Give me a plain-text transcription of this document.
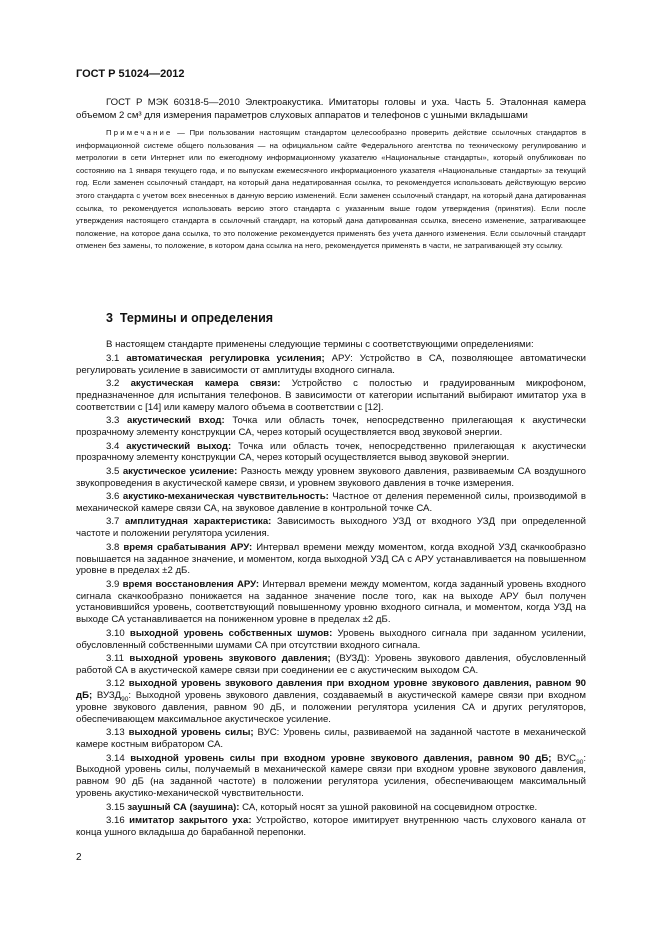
ГОСТ Р 51024—2012
ГОСТ Р МЭК 60318-5—2010 Электроакустика. Имитаторы головы и уха. Часть 5. Эталонная камера объемом 2 см³ для измерения параметров слуховых аппаратов и телефонов с ушными вкладышами
Примечание — При пользовании настоящим стандартом целесообразно проверить действие ссылочных стандартов в информационной системе общего пользования — на официальном сайте Федерального агентства по техническому регулированию и метрологии в сети Интернет или по ежегодному информационному указателю «Национальные стандарты», который опубликован по состоянию на 1 января текущего года, и по выпускам ежемесячного информационного указателя «Национальные стандарты» за текущий год. Если заменен ссылочный стандарт, на который дана недатированная ссылка, то рекомендуется использовать действующую версию этого стандарта с учетом всех внесенных в данную версию изменений. Если заменен ссылочный стандарт, на который дана датированная ссылка, то рекомендуется использовать версию этого стандарта с указанным выше годом утверждения (принятия). Если после утверждения настоящего стандарта в ссылочный стандарт, на который дана датированная ссылка, внесено изменение, затрагивающее положение, на которое дана ссылка, то это положение рекомендуется применять без учета данного изменения. Если ссылочный стандарт отменен без замены, то положение, в котором дана ссылка на него, рекомендуется применять в части, не затрагивающей эту ссылку.
3 Термины и определения

В настоящем стандарте применены следующие термины с соответствующими определениями:

3.1 автоматическая регулировка усиления; АРУ: Устройство в СА, позволяющее автоматически регулировать усиление в зависимости от амплитуды входного сигнала.

3.2 акустическая камера связи: Устройство с полостью и градуированным микрофоном, предназначенное для испытания телефонов. В зависимости от категории испытаний выбирают имитатор уха в соответствии с [14] или камеру малого объема в соответствии с [12].

3.3 акустический вход: Точка или область точек, непосредственно прилегающая к акустически прозрачному элементу конструкции СА, через который осуществляется ввод звуковой энергии.

3.4 акустический выход: Точка или область точек, непосредственно прилегающая к акустически прозрачному элементу конструкции СА, через который осуществляется вывод звуковой энергии.

3.5 акустическое усиление: Разность между уровнем звукового давления, развиваемым СА воздушного звукопроведения в акустической камере связи, и уровнем звукового давления в точке измерения.

3.6 акустико-механическая чувствительность: Частное от деления переменной силы, производимой в механической камере связи СА, на звуковое давление в контрольной точке СА.

3.7 амплитудная характеристика: Зависимость выходного УЗД от входного УЗД при определенной частоте и положении регулятора усиления.

3.8 время срабатывания АРУ: Интервал времени между моментом, когда входной УЗД скачкообразно повышается на заданное значение, и моментом, когда выходной УЗД СА с АРУ устанавливается на повышенном уровне в пределах ±2 дБ.

3.9 время восстановления АРУ: Интервал времени между моментом, когда заданный уровень входного сигнала скачкообразно понижается на заданное значение после того, как на выходе АРУ был получен установившийся уровень, соответствующий повышенному уровню входного сигнала, и моментом, когда УЗД на выходе СА устанавливается на пониженном уровне в пределах ±2 дБ.

3.10 выходной уровень собственных шумов: Уровень выходного сигнала при заданном усилении, обусловленный собственными шумами СА при отсутствии входного сигнала.

3.11 выходной уровень звукового давления; (ВУЗД): Уровень звукового давления, обусловленный работой СА в акустической камере связи при соединении ее с акустическим выходом СА.

3.12 выходной уровень звукового давления при входном уровне звукового давления, равном 90 дБ; $ВУЗД_{90}$: Выходной уровень звукового давления, создаваемый в акустической камере связи при входном уровне звукового давления, равном 90 дБ, и положении регулятора усиления СА и других регуляторов, обеспечивающем максимальное акустическое усиление.

3.13 выходной уровень силы; ВУС: Уровень силы, развиваемой на заданной частоте в механической камере костным вибратором СА.

3.14 выходной уровень силы при входном уровне звукового давления, равном 90 дБ; $ВУС_{90}$: Выходной уровень силы, получаемый в механической камере связи при входном уровне звукового давления, равном 90 дБ (на заданной частоте) в положении регулятора усиления, обеспечивающем максимальный уровень акустико-механической чувствительности.

3.15 заушный СА (заушина): СА, который носят за ушной раковиной на сосцевидном отростке.

3.16 имитатор закрытого уха: Устройство, которое имитирует внутреннюю часть слухового канала от конца ушного вкладыша до барабанной перепонки.

2
